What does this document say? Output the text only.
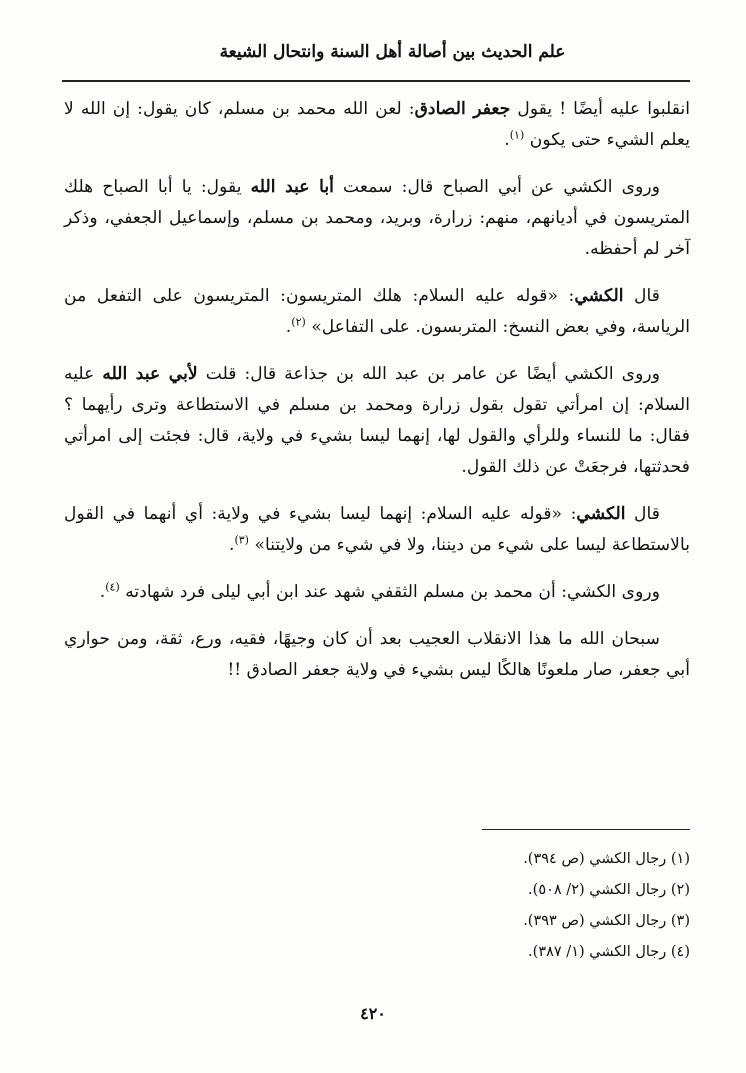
علم الحديث بين أصالة أهل السنة وانتحال الشيعة

انقلبوا عليه أيضًا ! يقول جعفر الصادق: لعن الله محمد بن مسلم، كان يقول: إن الله لا يعلم الشيء حتى يكون $^{(١)}$.

وروى الكشي عن أبي الصباح قال: سمعت أبا عبد الله يقول: يا أبا الصباح هلك المتريسون في أديانهم، منهم: زرارة، وبريد، ومحمد بن مسلم، وإسماعيل الجعفي، وذكر آخر لم أحفظه.

قال الكشي: «قوله عليه السلام: هلك المتريسون: المتريسون على التفعل من الرياسة، وفي بعض النسخ: المتربسون. على التفاعل» $^{(٢)}$.

وروى الكشي أيضًا عن عامر بن عبد الله بن جذاعة قال: قلت لأبي عبد الله عليه السلام: إن امرأتي تقول بقول زرارة ومحمد بن مسلم في الاستطاعة وترى رأيهما ؟ فقال: ما للنساء وللرأي والقول لها، إنهما ليسا بشيء في ولاية، قال: فجئت إلى امرأتي فحدثتها، فرجعَتْ عن ذلك القول.

قال الكشي: «قوله عليه السلام: إنهما ليسا بشيء في ولاية: أي أنهما في القول بالاستطاعة ليسا على شيء من ديننا، ولا في شيء من ولايتنا» $^{(٣)}$.

وروى الكشي: أن محمد بن مسلم الثقفي شهد عند ابن أبي ليلى فرد شهادته $^{(٤)}$.

سبحان الله ما هذا الانقلاب العجيب بعد أن كان وجيهًا، فقيه، ورع، ثقة، ومن حواري أبي جعفر، صار ملعونًا هالكًا ليس بشيء في ولاية جعفر الصادق !!

(١) رجال الكشي (ص ٣٩٤).

(٢) رجال الكشي (٢/ ٥٠٨).

(٣) رجال الكشي (ص ٣٩٣).

(٤) رجال الكشي (١/ ٣٨٧).

٤٢٠
